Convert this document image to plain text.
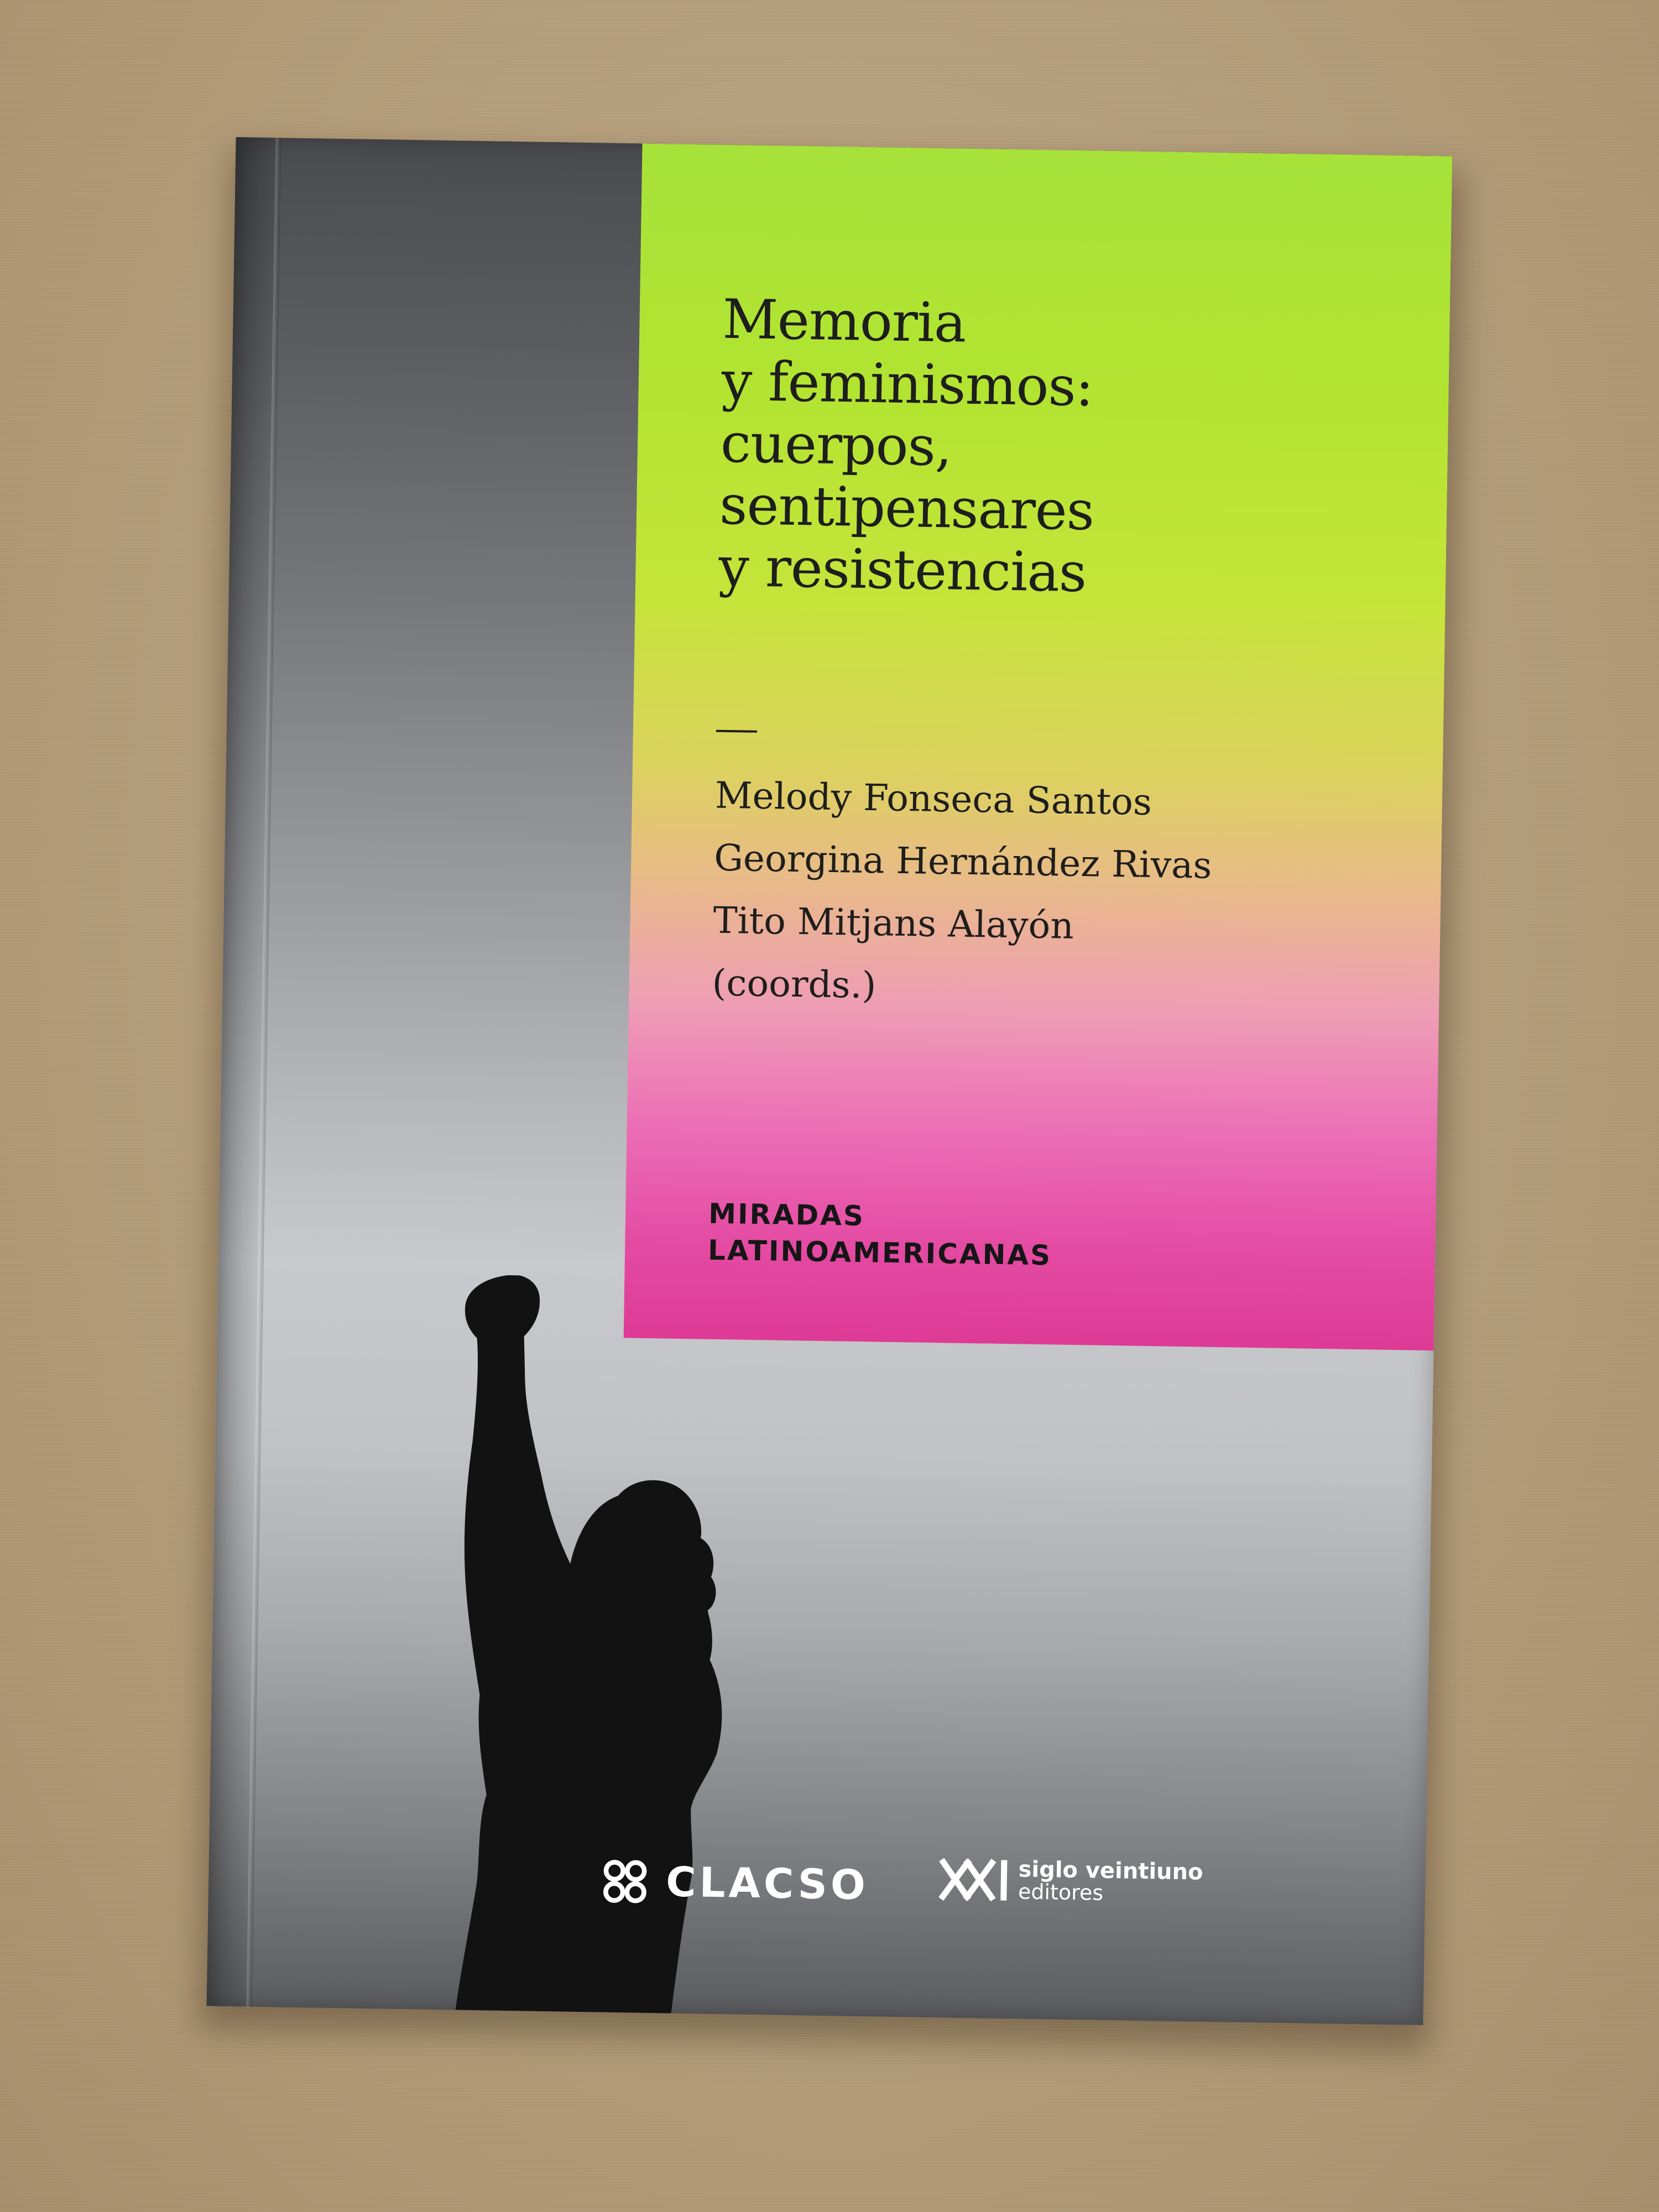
Memoria
y feminismos:
cuerpos,
sentipensares
y resistencias
Melody Fonseca Santos
Georgina Hernández Rivas
Tito Mitjans Alayón
(coords.)
MIRADAS
LATINOAMERICANAS
CLACSO	siglo veintiuno
editores
